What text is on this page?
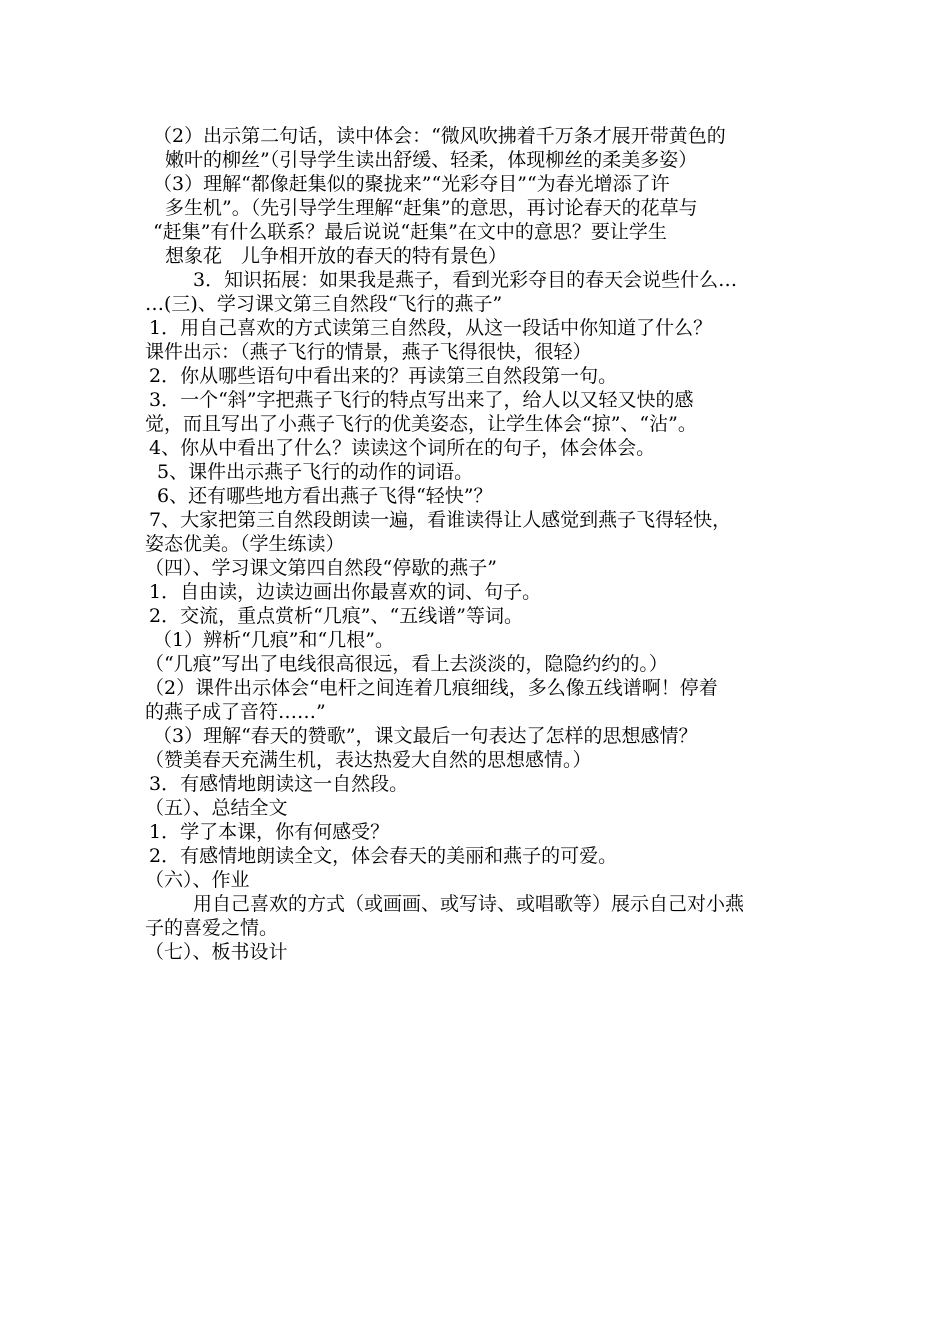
（2）出示第二句话，读中体会：“微风吹拂着千万条才展开带黄色的
嫩叶的柳丝”（引导学生读出舒缓、轻柔，体现柳丝的柔美多姿）
（3）理解“都像赶集似的聚拢来”“光彩夺目”“为春光增添了许
多生机”。（先引导学生理解“赶集”的意思，再讨论春天的花草与
“赶集”有什么联系？最后说说“赶集”在文中的意思？要让学生
想象花　儿争相开放的春天的特有景色）
3．知识拓展：如果我是燕子，看到光彩夺目的春天会说些什么…
…(三)、学习课文第三自然段“飞行的燕子”
1．用自己喜欢的方式读第三自然段，从这一段话中你知道了什么？
课件出示：（燕子飞行的情景，燕子飞得很快，很轻）
2．你从哪些语句中看出来的？再读第三自然段第一句。
3．一个“斜”字把燕子飞行的特点写出来了，给人以又轻又快的感
觉，而且写出了小燕子飞行的优美姿态，让学生体会“掠”、“沾”。
4、你从中看出了什么？读读这个词所在的句子，体会体会。
5、课件出示燕子飞行的动作的词语。
6、还有哪些地方看出燕子飞得“轻快”？
7、大家把第三自然段朗读一遍，看谁读得让人感觉到燕子飞得轻快，
姿态优美。（学生练读）
（四）、学习课文第四自然段“停歇的燕子”
1．自由读，边读边画出你最喜欢的词、句子。
2．交流，重点赏析“几痕”、“五线谱”等词。
（1）辨析“几痕”和“几根”。
（“几痕”写出了电线很高很远，看上去淡淡的，隐隐约约的。）
（2）课件出示体会“电杆之间连着几痕细线，多么像五线谱啊！停着
的燕子成了音符……”
（3）理解“春天的赞歌”，课文最后一句表达了怎样的思想感情？
（赞美春天充满生机，表达热爱大自然的思想感情。）
3．有感情地朗读这一自然段。
（五）、总结全文
1．学了本课，你有何感受？
2．有感情地朗读全文，体会春天的美丽和燕子的可爱。
（六）、作业
用自己喜欢的方式（或画画、或写诗、或唱歌等）展示自己对小燕
子的喜爱之情。
（七）、板书设计
